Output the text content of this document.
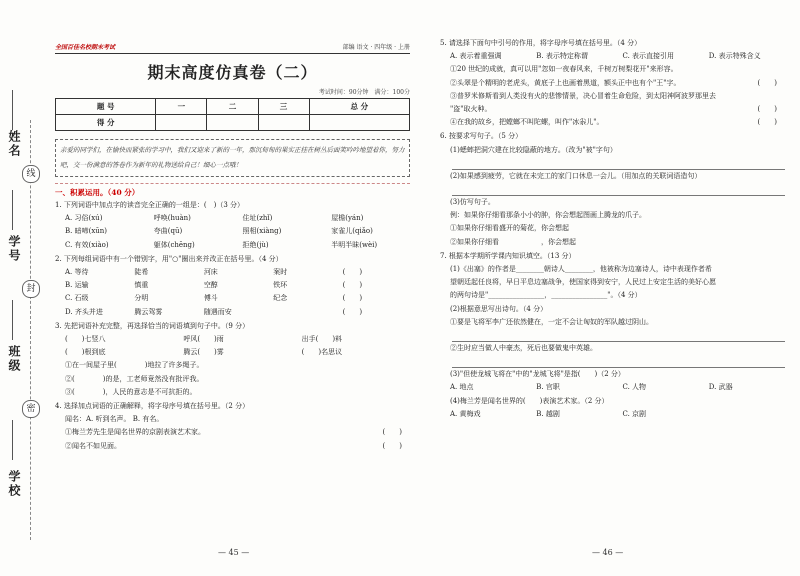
姓名
线
学号
封
班级
密
学校
全国百佳名校期末考试	部编 语文 · 四年级 · 上册
期末高度仿真卷（二）
考试时间：90分钟　满分：100分
题 号	一	二	三	总 分
得 分				
亲爱的同学们，在愉快而紧张的学习中，我们又迎来了新的一年，那沉甸甸的果实正挂在树丛后面笑吟吟地望着你，努力吧，交一份满意的答卷作为新年的礼物送给自己！细心一点哦！
一、积累运用。（40 分）
1. 下列词语中加点字的读音完全正确的一组是：(　)（3 分）
A. 习俗(xú)	呼唤(huàn)	住址(zhǐ)	屋檐(yán)
B. 暗啼(xūn)	夸曲(qū)	照相(xiàng)	家雀儿(qiǎo)
C. 有效(xiào)	躯体(chēng)	拒绝(jù)	半明半昧(wèi)
2. 下列每组词语中有一个错别字，用"○"圈出来并改正在括号里。（4 分）
A. 等待	陡希	河床	案时	(　　)
B. 运输	慎重	空醇	铁环	(　　)
C. 石级	分明	傅斗	纪念	(　　)
D. 齐头并进	腾云驾雾	随遇而安	(　　)
3. 先把词语补充完整，再选择恰当的词语填到句子中。（9 分）
(　　)七竖八	呼风(　　)雨	出手(　　)料
(　　)根到底	腾云(　　)雾	(　　)名思议
①在一间屋子里(　　　　)地拉了许多绳子。
②(　　　　)的是，工老师竟然没有批评我。
③(　　　　)，人民的意志是不可抗拒的。
4. 选择加点词语的正确解释，将字母序号填在括号里。（2 分）
闻名：A. 听到名声。 B. 有名。
①梅兰芳先生是闻名世界的京剧表演艺术家。	(　　)
②闻名不如见面。	(　　)
— 45 —
5. 请选择下面句中引号的作用，将字母序号填在括号里。（4 分）
A. 表示着重强调	B. 表示特定称谓	C. 表示直接引用	D. 表示特殊含义
①20 世纪的成就，真可以用"忽如一夜春风来，千树万树梨花开"来形容。
②头翠是个精明的老虎头，黄底子上也画着黑道，额头正中也有个"王"字。	(　　)
③普罗米修斯看到人类没有火的悲惨情景，决心冒着生命危险，到太阳神阿波罗那里去
"盗"取火种。	(　　)
④在我的故乡，把螳螂不叫陀螺，叫作"冰尜儿"。	(　　)
6. 按要求写句子。（5 分）
(1)蟋蟀把洞穴建在比较隐蔽的地方。（改为"被"字句）
(2)如果感到疲劳，它就在未完工的家门口休息一会儿。（用加点的关联词语造句）
(3)仿写句子。
例：如果你仔细看那条小小的肿，你会想起图画上腾龙的爪子。
①如果你仔细看盛开的菊花，你会想起
②如果你仔细看　　　　　　，你会想起
7. 根据本学期所学课内知识填空。（13 分）
(1)《出塞》的作者是________朝诗人________，他被称为边塞诗人，诗中表现作者希
望朝廷起任良将，早日平息边塞战争，使国家得到安宁，人民过上安定生活的美好心愿
的两句诗是"________________，________________"。（4 分）
(2)根据意思写出诗句。（4 分）
①要是飞将军李广还依然健在，一定不会让匈奴的军队越过阴山。
②生时应当做人中豪杰，死后也要做鬼中英雄。
(3)"但使龙城飞将在"中的"龙城飞将"是指(　　)（2 分）
A. 地点	B. 官职	C. 人物	D. 武器
(4)梅兰芳是闻名世界的(　　)表演艺术家。（2 分）
A. 黄梅戏	B. 越剧	C. 京剧
— 46 —
